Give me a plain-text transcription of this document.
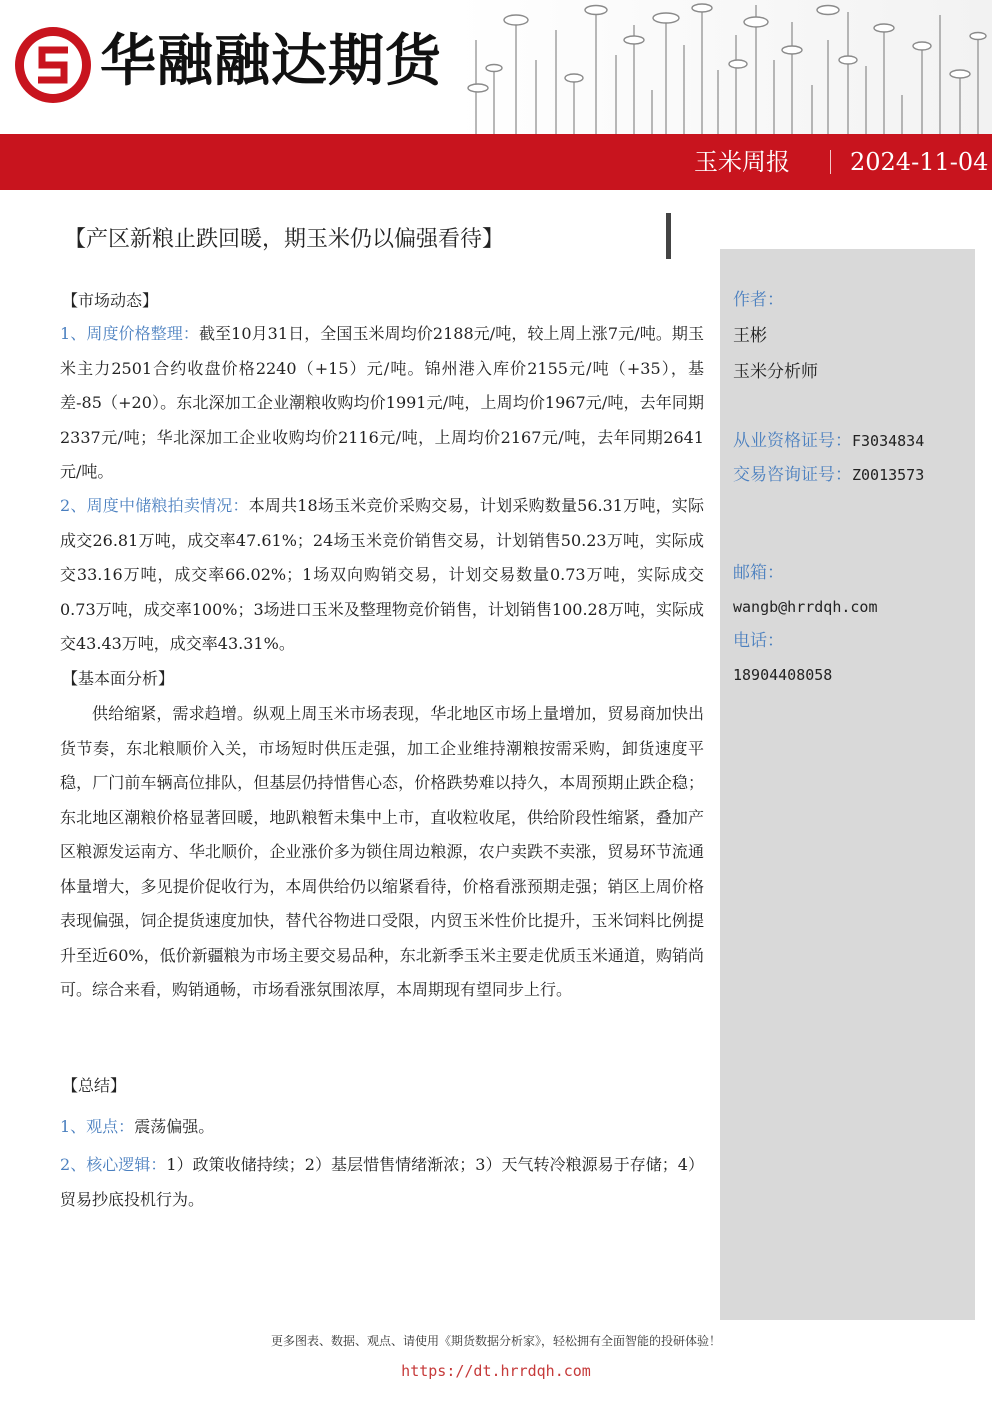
华融融达期货
玉米周报	2024-11-04
【产区新粮止跌回暖，期玉米仍以偏强看待】
作者：
王彬
玉米分析师
从业资格证号：F3034834
交易咨询证号：Z0013573
邮箱：
wangb@hrrdqh.com
电话：
18904408058
【市场动态】
1、周度价格整理：截至10月31日，全国玉米周均价2188元/吨，较上周上涨7元/吨。期玉米主力2501合约收盘价格2240（+15）元/吨。锦州港入库价2155元/吨（+35），基差-85（+20）。东北深加工企业潮粮收购均价1991元/吨，上周均价1967元/吨，去年同期2337元/吨；华北深加工企业收购均价2116元/吨，上周均价2167元/吨，去年同期2641元/吨。
2、周度中储粮拍卖情况：本周共18场玉米竞价采购交易，计划采购数量56.31万吨，实际成交26.81万吨，成交率47.61%；24场玉米竞价销售交易，计划销售50.23万吨，实际成交33.16万吨，成交率66.02%；1场双向购销交易，计划交易数量0.73万吨，实际成交0.73万吨，成交率100%；3场进口玉米及整理物竞价销售，计划销售100.28万吨，实际成交43.43万吨，成交率43.31%。
【基本面分析】
供给缩紧，需求趋增。纵观上周玉米市场表现，华北地区市场上量增加，贸易商加快出货节奏，东北粮顺价入关，市场短时供压走强，加工企业维持潮粮按需采购，卸货速度平稳，厂门前车辆高位排队，但基层仍持惜售心态，价格跌势难以持久，本周预期止跌企稳；东北地区潮粮价格显著回暖，地趴粮暂未集中上市，直收粒收尾，供给阶段性缩紧，叠加产区粮源发运南方、华北顺价，企业涨价多为锁住周边粮源，农户卖跌不卖涨，贸易环节流通体量增大，多见提价促收行为，本周供给仍以缩紧看待，价格看涨预期走强；销区上周价格表现偏强，饲企提货速度加快，替代谷物进口受限，内贸玉米性价比提升，玉米饲料比例提升至近60%，低价新疆粮为市场主要交易品种，东北新季玉米主要走优质玉米通道，购销尚可。综合来看，购销通畅，市场看涨氛围浓厚，本周期现有望同步上行。
【总结】
1、观点：震荡偏强。
2、核心逻辑：1）政策收储持续；2）基层惜售情绪渐浓；3）天气转冷粮源易于存储；4）贸易抄底投机行为。
更多图表、数据、观点、请使用《期货数据分析家》，轻松拥有全面智能的投研体验！
https://dt.hrrdqh.com
